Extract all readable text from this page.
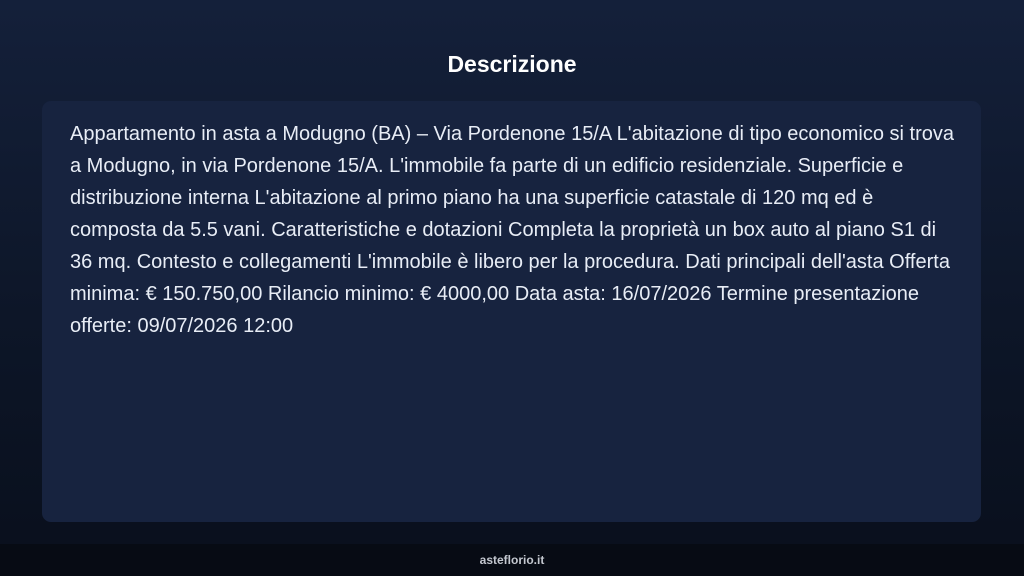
Descrizione

Appartamento in asta a Modugno (BA) – Via Pordenone 15/A L'abitazione di tipo economico si trova a Modugno, in via Pordenone 15/A. L'immobile fa parte di un edificio residenziale. Superficie e distribuzione interna L'abitazione al primo piano ha una superficie catastale di 120 mq ed è composta da 5.5 vani. Caratteristiche e dotazioni Completa la proprietà un box auto al piano S1 di 36 mq. Contesto e collegamenti L'immobile è libero per la procedura. Dati principali dell'asta Offerta minima: € 150.750,00 Rilancio minimo: € 4000,00 Data asta: 16/07/2026 Termine presentazione offerte: 09/07/2026 12:00

asteflorio.it
